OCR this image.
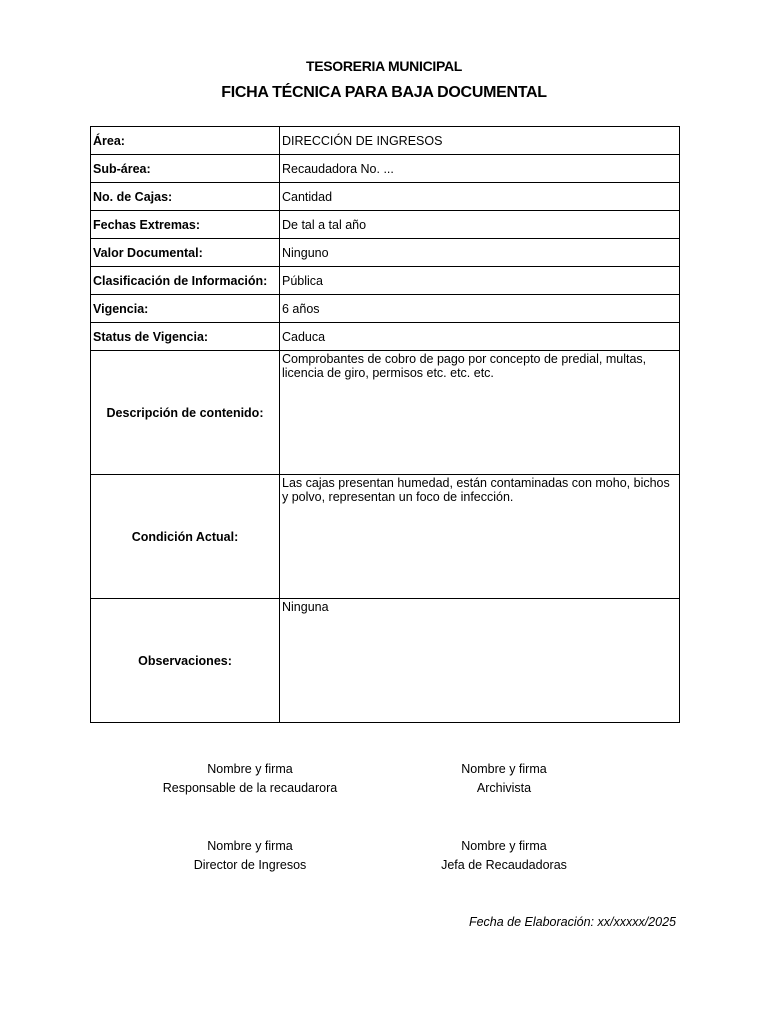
TESORERIA MUNICIPAL
FICHA TÉCNICA PARA BAJA DOCUMENTAL
Área:	DIRECCIÓN DE INGRESOS
Sub-área:	Recaudadora No. ...
No. de Cajas:	Cantidad
Fechas Extremas:	De tal a tal año
Valor Documental:	Ninguno
Clasificación de Información:	Pública
Vigencia:	6 años
Status de Vigencia:	Caduca
Descripción de contenido:	Comprobantes de cobro de pago por concepto de predial, multas, licencia de giro, permisos etc. etc. etc.
Condición Actual:	Las cajas presentan humedad, están contaminadas con moho, bichos y polvo, representan un foco de infección.
Observaciones:	Ninguna
Nombre y firma
Responsable de la recaudarora
Nombre y firma
Archivista
Nombre y firma
Director de Ingresos
Nombre y firma
Jefa de Recaudadoras
Fecha de Elaboración: xx/xxxxx/2025
